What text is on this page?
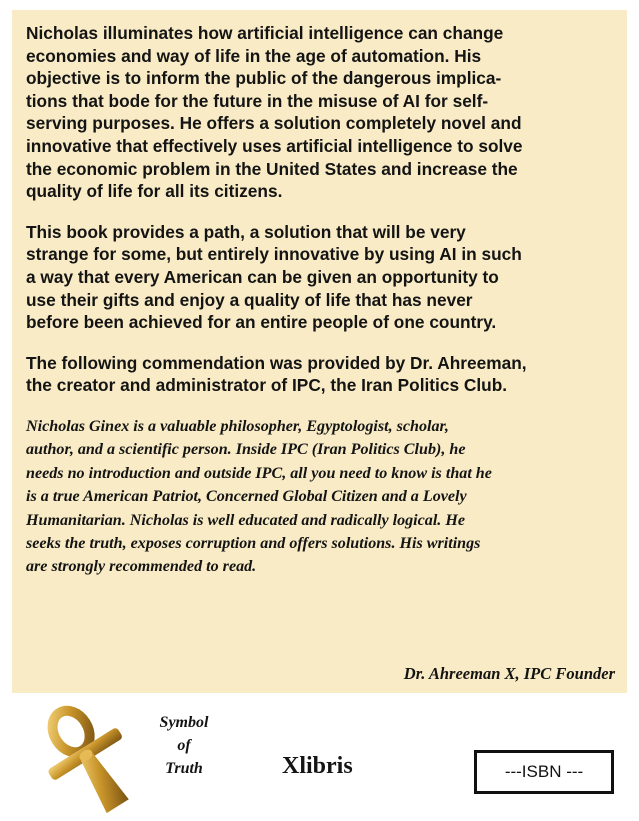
Nicholas illuminates how artificial intelligence can change
economies and way of life in the age of automation. His
objective is to inform the public of the dangerous implica-
tions that bode for the future in the misuse of AI for self-
serving purposes. He offers a solution completely novel and
innovative that effectively uses artificial intelligence to solve
the economic problem in the United States and increase the
quality of life for all its citizens.

This book provides a path, a solution that will be very
strange for some, but entirely innovative by using AI in such
a way that every American can be given an opportunity to
use their gifts and enjoy a quality of life that has never
before been achieved for an entire people of one country.

The following commendation was provided by Dr. Ahreeman,
the creator and administrator of IPC, the Iran Politics Club.

Nicholas Ginex is a valuable philosopher, Egyptologist, scholar,
author, and a scientific person. Inside IPC (Iran Politics Club), he
needs no introduction and outside IPC, all you need to know is that he
is a true American Patriot, Concerned Global Citizen and a Lovely
Humanitarian. Nicholas is well educated and radically logical. He
seeks the truth, exposes corruption and offers solutions. His writings
are strongly recommended to read.

Dr. Ahreeman X, IPC Founder
Symbol
of
Truth	Xlibris	---ISBN ---
